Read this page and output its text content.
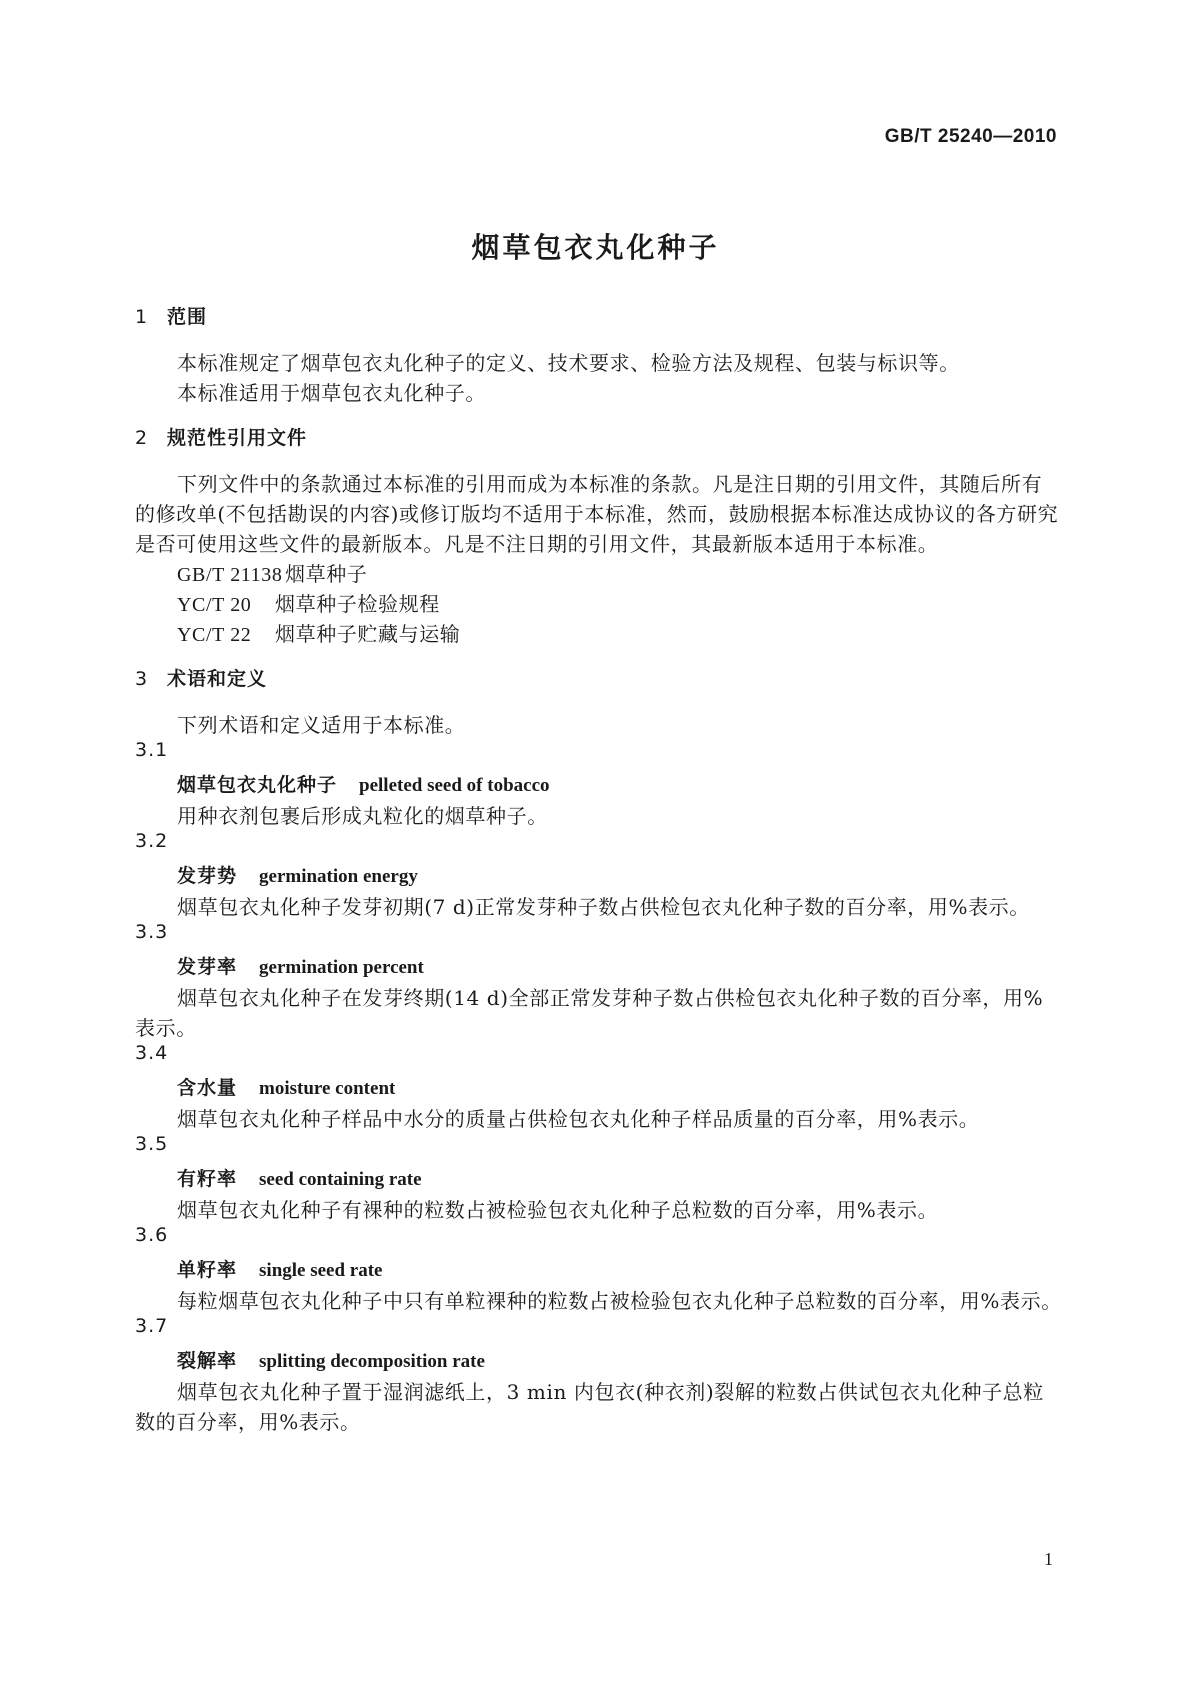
GB/T 25240—2010
烟草包衣丸化种子
1 范围
本标准规定了烟草包衣丸化种子的定义、技术要求、检验方法及规程、包装与标识等。
本标准适用于烟草包衣丸化种子。
2 规范性引用文件
下列文件中的条款通过本标准的引用而成为本标准的条款。凡是注日期的引用文件，其随后所有
的修改单(不包括勘误的内容)或修订版均不适用于本标准，然而，鼓励根据本标准达成协议的各方研究
是否可使用这些文件的最新版本。凡是不注日期的引用文件，其最新版本适用于本标准。
GB/T 21138 烟草种子
YC/T 20 烟草种子检验规程
YC/T 22 烟草种子贮藏与运输
3 术语和定义
下列术语和定义适用于本标准。
3.1
烟草包衣丸化种子 pelleted seed of tobacco
用种衣剂包裹后形成丸粒化的烟草种子。
3.2
发芽势 germination energy
烟草包衣丸化种子发芽初期(7 d)正常发芽种子数占供检包衣丸化种子数的百分率，用%表示。
3.3
发芽率 germination percent
烟草包衣丸化种子在发芽终期(14 d)全部正常发芽种子数占供检包衣丸化种子数的百分率，用%
表示。
3.4
含水量 moisture content
烟草包衣丸化种子样品中水分的质量占供检包衣丸化种子样品质量的百分率，用%表示。
3.5
有籽率 seed containing rate
烟草包衣丸化种子有裸种的粒数占被检验包衣丸化种子总粒数的百分率，用%表示。
3.6
单籽率 single seed rate
每粒烟草包衣丸化种子中只有单粒裸种的粒数占被检验包衣丸化种子总粒数的百分率，用%表示。
3.7
裂解率 splitting decomposition rate
烟草包衣丸化种子置于湿润滤纸上，3 min 内包衣(种衣剂)裂解的粒数占供试包衣丸化种子总粒
数的百分率，用%表示。
1
